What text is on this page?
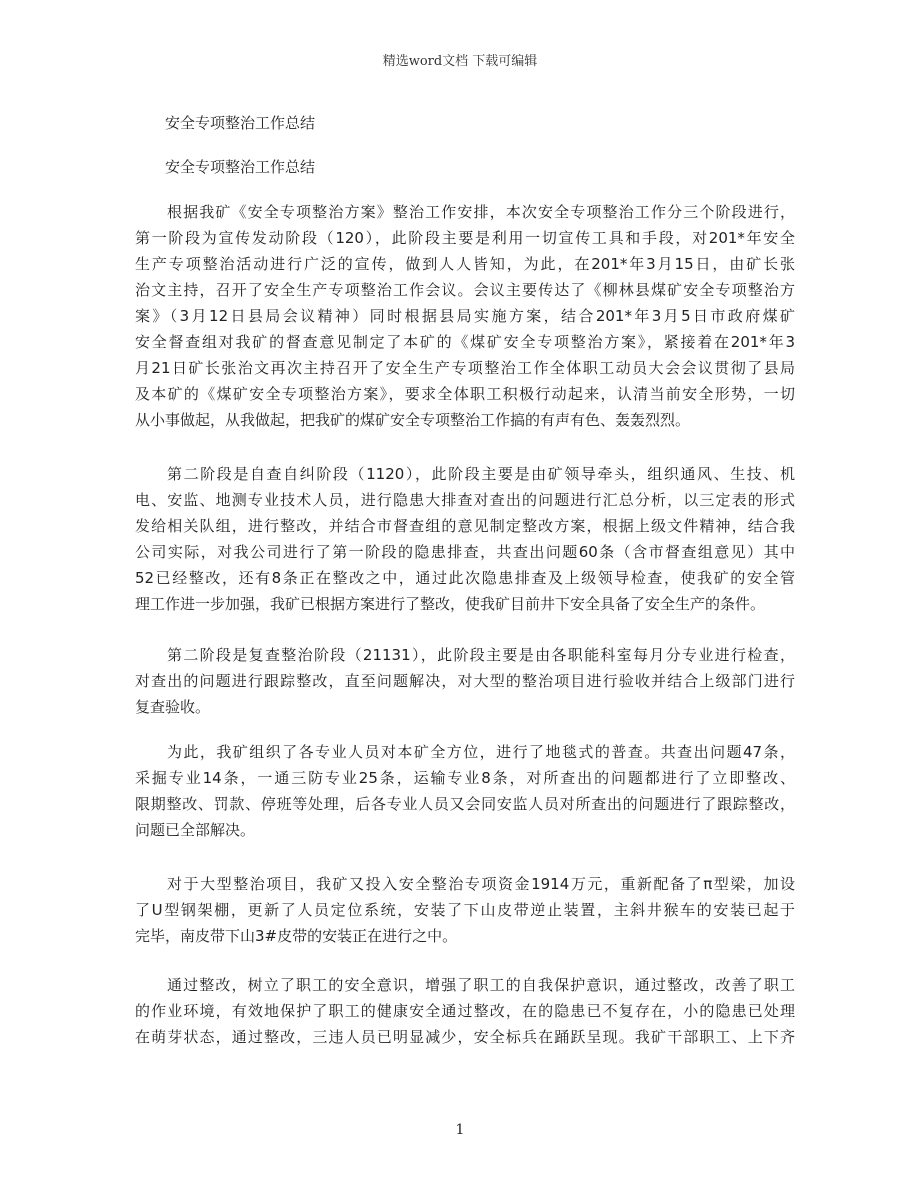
精选word文档 下载可编辑
安全专项整治工作总结
安全专项整治工作总结
根据我矿《安全专项整治方案》整治工作安排，本次安全专项整治工作分三个阶段进行，
第一阶段为宣传发动阶段（120），此阶段主要是利用一切宣传工具和手段，对201*年安全
生产专项整治活动进行广泛的宣传，做到人人皆知，为此，在201*年3月15日，由矿长张
治文主持，召开了安全生产专项整治工作会议。会议主要传达了《柳林县煤矿安全专项整治方
案》（3月12日县局会议精神）同时根据县局实施方案，结合201*年3月5日市政府煤矿
安全督查组对我矿的督查意见制定了本矿的《煤矿安全专项整治方案》，紧接着在201*年3
月21日矿长张治文再次主持召开了安全生产专项整治工作全体职工动员大会会议贯彻了县局
及本矿的《煤矿安全专项整治方案》，要求全体职工积极行动起来，认清当前安全形势，一切
从小事做起，从我做起，把我矿的煤矿安全专项整治工作搞的有声有色、轰轰烈烈。
第二阶段是自查自纠阶段（1120），此阶段主要是由矿领导牵头，组织通风、生技、机
电、安监、地测专业技术人员，进行隐患大排查对查出的问题进行汇总分析，以三定表的形式
发给相关队组，进行整改，并结合市督查组的意见制定整改方案，根据上级文件精神，结合我
公司实际，对我公司进行了第一阶段的隐患排查，共查出问题60条（含市督查组意见）其中
52已经整改，还有8条正在整改之中，通过此次隐患排查及上级领导检查，使我矿的安全管
理工作进一步加强，我矿已根据方案进行了整改，使我矿目前井下安全具备了安全生产的条件。
第二阶段是复查整治阶段（21131），此阶段主要是由各职能科室每月分专业进行检查，
对查出的问题进行跟踪整改，直至问题解决，对大型的整治项目进行验收并结合上级部门进行
复查验收。
为此，我矿组织了各专业人员对本矿全方位，进行了地毯式的普查。共查出问题47条，
采掘专业14条，一通三防专业25条，运输专业8条，对所查出的问题都进行了立即整改、
限期整改、罚款、停班等处理，后各专业人员又会同安监人员对所查出的问题进行了跟踪整改，
问题已全部解决。
对于大型整治项目，我矿又投入安全整治专项资金1914万元，重新配备了π型梁，加设
了U型钢架棚，更新了人员定位系统，安装了下山皮带逆止装置，主斜井猴车的安装已起于
完毕，南皮带下山3#皮带的安装正在进行之中。
通过整改，树立了职工的安全意识，增强了职工的自我保护意识，通过整改，改善了职工
的作业环境，有效地保护了职工的健康安全通过整改，在的隐患已不复存在，小的隐患已处理
在萌芽状态，通过整改，三违人员已明显减少，安全标兵在踊跃呈现。我矿干部职工、上下齐
1
